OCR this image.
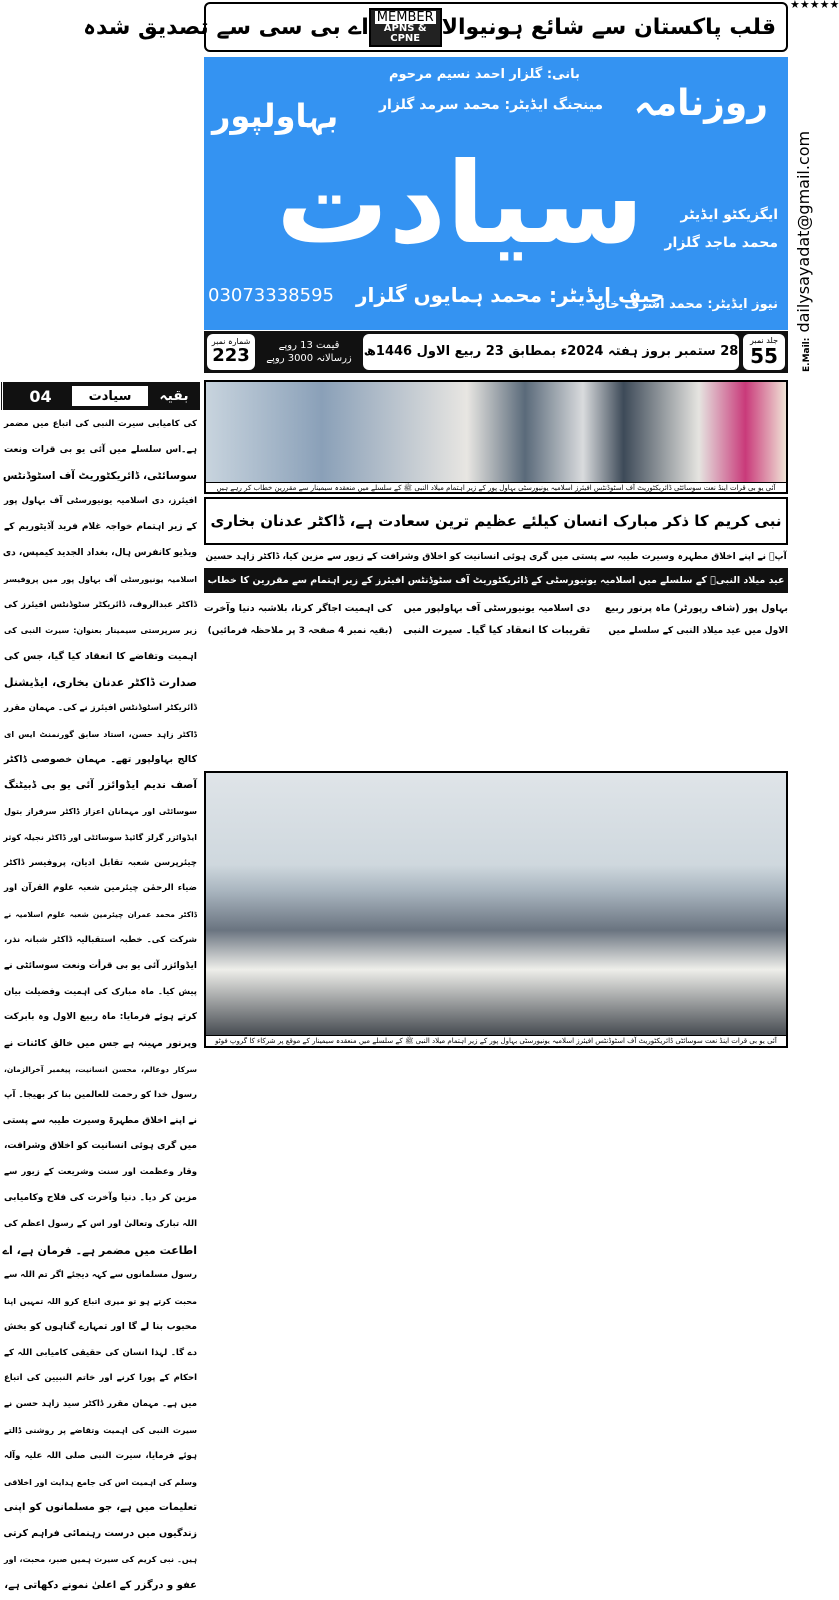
قلب پاکستان سے شائع ہونیوالا
MEMBER
APNS & CPNE
اے بی سی سے تصدیق شدہ
روزنامہ
بہاولپور
بانی: گلزار احمد نسیم مرحوم
مینجنگ ایڈیٹر: محمد سرمد گلزار
سیادت	ایگزیکٹو ایڈیٹر
محمد ماجد گلزار
03073338595 چیف ایڈیٹر: محمد ہمایوں گلزار
نیوز ایڈیٹر: محمد اشرف خان
جلد نمبر
55
28 ستمبر بروز ہفتہ 2024ء بمطابق 23 ربیع الاول 1446ھ
قیمت 13 روپے
زرسالانہ 3000 روپے
شمارہ نمبر
223
★★★★★
E.Mail: dailysayadat@gmail.com
آئی یو بی قرات اینڈ نعت سوسائٹی ڈائریکٹوریٹ آف اسٹوڈنٹس افیئرز اسلامیہ یونیورسٹی بہاول پور کے زیر اہتمام میلاد النبی ﷺ کے سلسلے میں منعقدہ سیمینار سے مقررین خطاب کر رہے ہیں
نبی کریم کا ذکر مبارک انسان کیلئے عظیم ترین سعادت ہے، ڈاکٹر عدنان بخاری
آپؐ نے اپنے اخلاق مطہرہ وسیرت طیبہ سے پستی میں گری ہوئی انسانیت کو اخلاق وشرافت کے زیور سے مزین کیا، ڈاکٹر زاہد حسین
عید میلاد النبیؐ کے سلسلے میں اسلامیہ یونیورسٹی کے ڈائریکٹوریٹ آف سٹوڈنٹس افیئرز کے زیر اہتمام سے مقررین کا خطاب
بہاول پور (شاف رپورٹر) ماہ پرنور ربیع
الاول میں عید میلاد النبی کے سلسلے میں
دی اسلامیہ یونیورسٹی آف بہاولپور میں
تقریبات کا انعقاد کیا گیا۔ سیرت النبی
کی اہمیت اجاگر کرنا، بلاشبہ دنیا وآخرت
(بقیہ نمبر 4 صفحہ 3 پر ملاحظہ فرمائیں)
آئی یو بی قرات اینڈ نعت سوسائٹی ڈائریکٹوریٹ آف اسٹوڈنٹس افیئرز اسلامیہ یونیورسٹی بہاول پور کے زیر اہتمام میلاد النبی ﷺ کے سلسلے میں منعقدہ سیمینار کے موقع پر شرکاء کا گروپ فوٹو
بقیہ
سیادت
04
کی کامیابی سیرت النبی کی اتباع میں مضمر
ہے۔اس سلسلے میں آئی یو بی قرات ونعت
سوسائٹی، ڈائریکٹوریٹ آف اسٹوڈنٹس
افیئرز، دی اسلامیہ یونیورسٹی آف بہاول پور
کے زیر اہتمام خواجہ غلام فرید آڈیٹوریم کے
ویڈیو کانفرس ہال، بغداد الجدید کیمپس، دی
اسلامیہ یونیورسٹی آف بہاول پور میں پروفیسر
ڈاکٹر عبدالروف، ڈائریکٹر سٹوڈنٹس افیئرز کی
زیر سرپرستی سیمینار بعنوان: سیرت النبی کی
اہمیت وتقاضے کا انعقاد کیا گیا، جس کی
صدارت ڈاکٹر عدنان بخاری، ایڈیشنل
ڈائریکٹر اسٹوڈنٹس افیئرز نے کی۔ مہمان مقرر
ڈاکٹر زاہد حسن، استاد سابق گورنمنٹ ایس ای
کالج بہاولپور تھے۔ مہمان خصوصی ڈاکٹر
آصف ندیم ایڈوائزر آئی یو بی ڈبیٹنگ
سوسائٹی اور مہمانان اعزاز ڈاکٹر سرفراز بتول
ایڈوائزر گرلز گائیڈ سوسائٹی اور ڈاکٹر نجیلہ کوثر
چیئرپرسن شعبہ تقابل ادیان، پروفیسر ڈاکٹر
ضیاء الرحمٰن چیئرمین شعبہ علوم القرآن اور
ڈاکٹر محمد عمران چیئرمین شعبہ علوم اسلامیہ نے
شرکت کی۔ خطبہ استقبالیہ ڈاکٹر شبانہ نذر،
ایڈوائزر آئی یو بی قرأت ونعت سوسائٹی نے
پیش کیا۔ ماہ مبارک کی اہمیت وفضیلت بیان
کرتے ہوئے فرمایا: ماہ ربیع الاول وہ بابرکت
وپرنور مہینہ ہے جس میں خالق کائنات نے
سرکار دوعالم، محسن انسانیت، پیغمبر آخرالزمان،
رسول خدا کو رحمت للعالمین بنا کر بھیجا۔ آپ
نے اپنے اخلاق مطہرۃ وسیرت طیبہ سے پستی
میں گری ہوئی انسانیت کو اخلاق وشرافت،
وقار وعظمت اور سنت وشریعت کے زیور سے
مزین کر دیا۔ دنیا وآخرت کی فلاح وکامیابی
اللہ تبارک وتعالیٰ اور اس کے رسول اعظم کی
اطاعت میں مضمر ہے۔ فرمان ہے، اے
رسول مسلمانوں سے کہہ دیجئے اگر تم اللہ سے
محبت کرتے ہو تو میری اتباع کرو اللہ تمہیں اپنا
محبوب بنا لے گا اور تمہارے گناہوں کو بخش
دے گا۔ لہذا انسان کی حقیقی کامیابی اللہ کے
احکام کے پورا کرنے اور خاتم النبیین کی اتباع
میں ہے۔ مہمان مقرر ڈاکٹر سید زاہد حسن نے
سیرت النبی کی اہمیت وتقاضے پر روشنی ڈالتے
ہوئے فرمایا، سیرت النبی صلی اللہ علیہ وآلہ
وسلم کی اہمیت اس کی جامع ہدایت اور اخلاقی
تعلیمات میں ہے، جو مسلمانوں کو اپنی
زندگیوں میں درست رہنمائی فراہم کرتی
ہیں۔ نبی کریم کی سیرت ہمیں صبر، محبت، اور
عفو و درگزر کے اعلیٰ نمونے دکھاتی ہے،
